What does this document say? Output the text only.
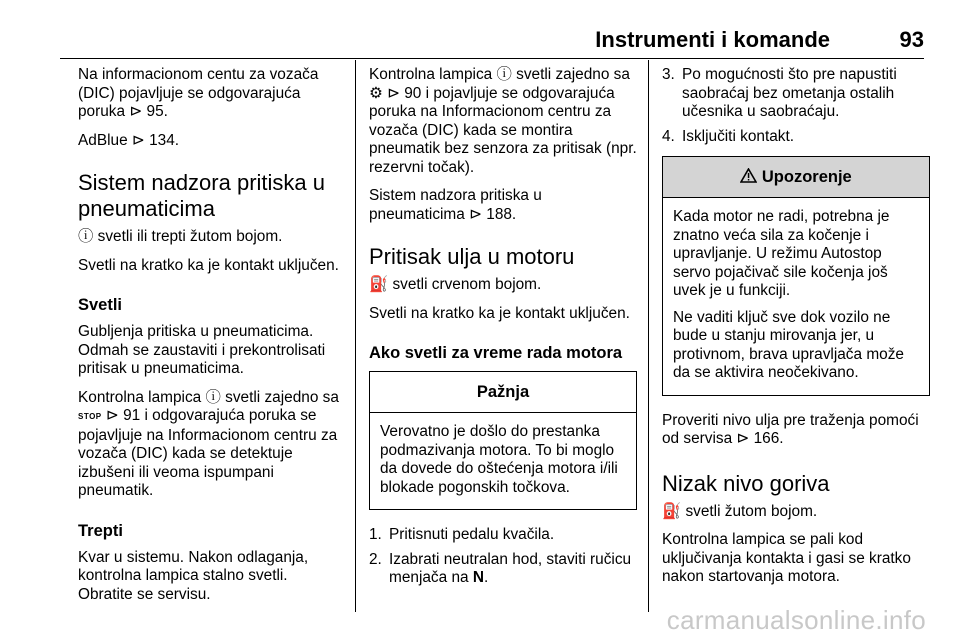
Instrumenti i komande	93

Na informacionom centu za vozača (DIC) pojavljuje se odgovarajuća poruka ⊳ 95.

AdBlue ⊳ 134.

Sistem nadzora pritiska u pneumaticima

ⓘ svetli ili trepti žutom bojom.

Svetli na kratko ka je kontakt uključen.

Svetli

Gubljenja pritiska u pneumaticima. Odmah se zaustaviti i prekontrolisati pritisak u pneumaticima.

Kontrolna lampica ⓘ svetli zajedno sa STOP ⊳ 91 i odgovarajuća poruka se pojavljuje na Informacionom centru za vozača (DIC) kada se detektuje izbušeni ili veoma ispumpani pneumatik.

Trepti

Kvar u sistemu. Nakon odlaganja, kontrolna lampica stalno svetli. Obratite se servisu.

Kontrolna lampica ⓘ svetli zajedno sa ⚙ ⊳ 90 i pojavljuje se odgovarajuća poruka na Informacionom centru za vozača (DIC) kada se montira pneumatik bez senzora za pritisak (npr. rezervni točak).

Sistem nadzora pritiska u pneumaticima ⊳ 188.

Pritisak ulja u motoru

⛽ svetli crvenom bojom.

Svetli na kratko ka je kontakt uključen.

Ako svetli za vreme rada motora
Pažnja

Verovatno je došlo do prestanka podmazivanja motora. To bi moglo da dovede do oštećenja motora i/ili blokade pogonskih točkova.

1. Pritisnuti pedalu kvačila.
2. Izabrati neutralan hod, staviti ručicu menjača na N.
3. Po mogućnosti što pre napustiti saobraćaj bez ometanja ostalih učesnika u saobraćaju.
4. Isključiti kontakt.
Upozorenje

Kada motor ne radi, potrebna je znatno veća sila za kočenje i upravljanje. U režimu Autostop servo pojačivač sile kočenja još uvek je u funkciji.

Ne vaditi ključ sve dok vozilo ne bude u stanju mirovanja jer, u protivnom, brava upravljača može da se aktivira neočekivano.

Proveriti nivo ulja pre traženja pomoći od servisa ⊳ 166.

Nizak nivo goriva

⛽ svetli žutom bojom.

Kontrolna lampica se pali kod uključivanja kontakta i gasi se kratko nakon startovanja motora.

carmanualsonline.info
